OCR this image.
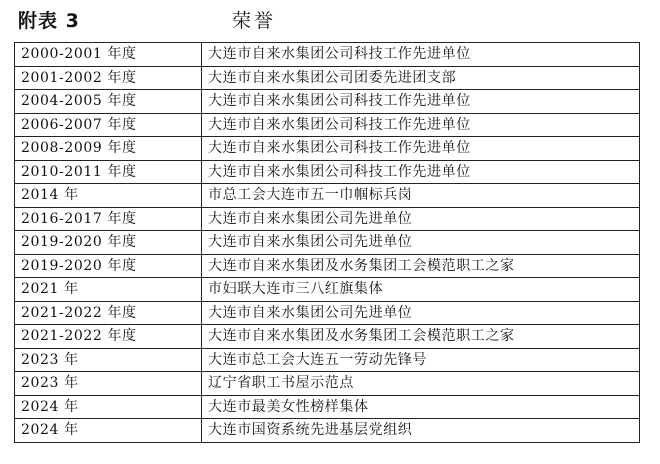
附表 3	荣誉
2000-2001 年度	大连市自来水集团公司科技工作先进单位
2001-2002 年度	大连市自来水集团公司团委先进团支部
2004-2005 年度	大连市自来水集团公司科技工作先进单位
2006-2007 年度	大连市自来水集团公司科技工作先进单位
2008-2009 年度	大连市自来水集团公司科技工作先进单位
2010-2011 年度	大连市自来水集团公司科技工作先进单位
2014 年	市总工会大连市五一巾帼标兵岗
2016-2017 年度	大连市自来水集团公司先进单位
2019-2020 年度	大连市自来水集团公司先进单位
2019-2020 年度	大连市自来水集团及水务集团工会模范职工之家
2021 年	市妇联大连市三八红旗集体
2021-2022 年度	大连市自来水集团公司先进单位
2021-2022 年度	大连市自来水集团及水务集团工会模范职工之家
2023 年	大连市总工会大连五一劳动先锋号
2023 年	辽宁省职工书屋示范点
2024 年	大连市最美女性榜样集体
2024 年	大连市国资系统先进基层党组织
